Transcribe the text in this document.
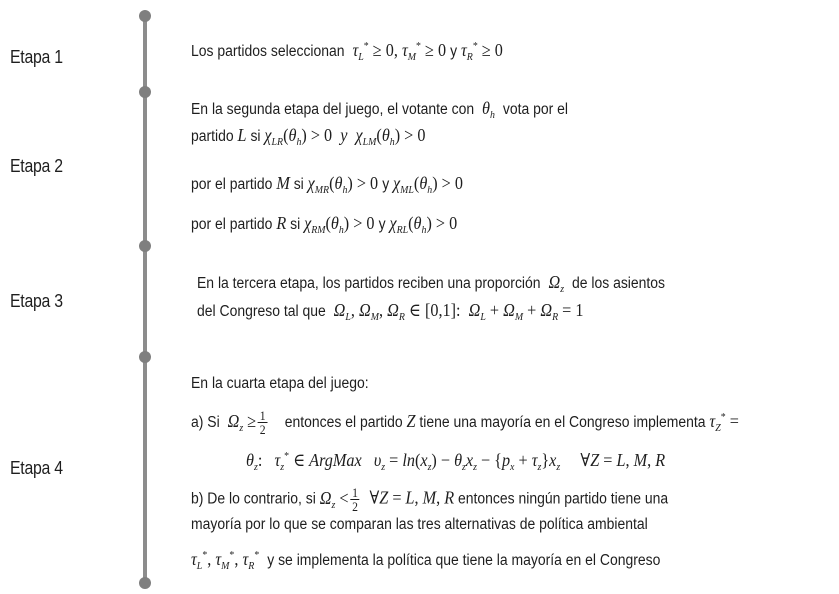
Etapa 1
Etapa 2
Etapa 3
Etapa 4
Los partidos seleccionan $\tau_L^* \ge 0$, $\tau_M^* \ge 0$ y $\tau_R^* \ge 0$
En la segunda etapa del juego, el votante con $\theta_h$ vota por el
partido L si $\chi_{LR}(\theta_h) > 0$  y $\chi_{LM}(\theta_h) > 0$
por el partido M si $\chi_{MR}(\theta_h) > 0$ y $\chi_{ML}(\theta_h) > 0$
por el partido R si $\chi_{RM}(\theta_h) > 0$ y $\chi_{RL}(\theta_h) > 0$
En la tercera etapa, los partidos reciben una proporción $\Omega_z$ de los asientos
del Congreso tal que $\Omega_L$, $\Omega_M$, $\Omega_R$ ∈ [0,1]:  $\Omega_L + \Omega_M + \Omega_R = 1$
En la cuarta etapa del juego:
a) Si $\Omega_z \ge \frac{1}{2}$ entonces el partido Z tiene una mayoría en el Congreso implementa $\tau_Z^*$ =
$\theta_z$:   $\tau_z^*$ ∈ ArgMax $\upsilon_z = \ln(x_z) - \theta_zx_z - \{p_x + \tau_z\}x_z$     ∀Z = L, M, R
b) De lo contrario, si $\Omega_z < \frac{1}{2}$ ∀Z = L, M, R entonces ningún partido tiene una
mayoría por lo que se comparan las tres alternativas de política ambiental
$\tau_L^*$, $\tau_M^*$, $\tau_R^*$ y se implementa la política que tiene la mayoría en el Congreso
